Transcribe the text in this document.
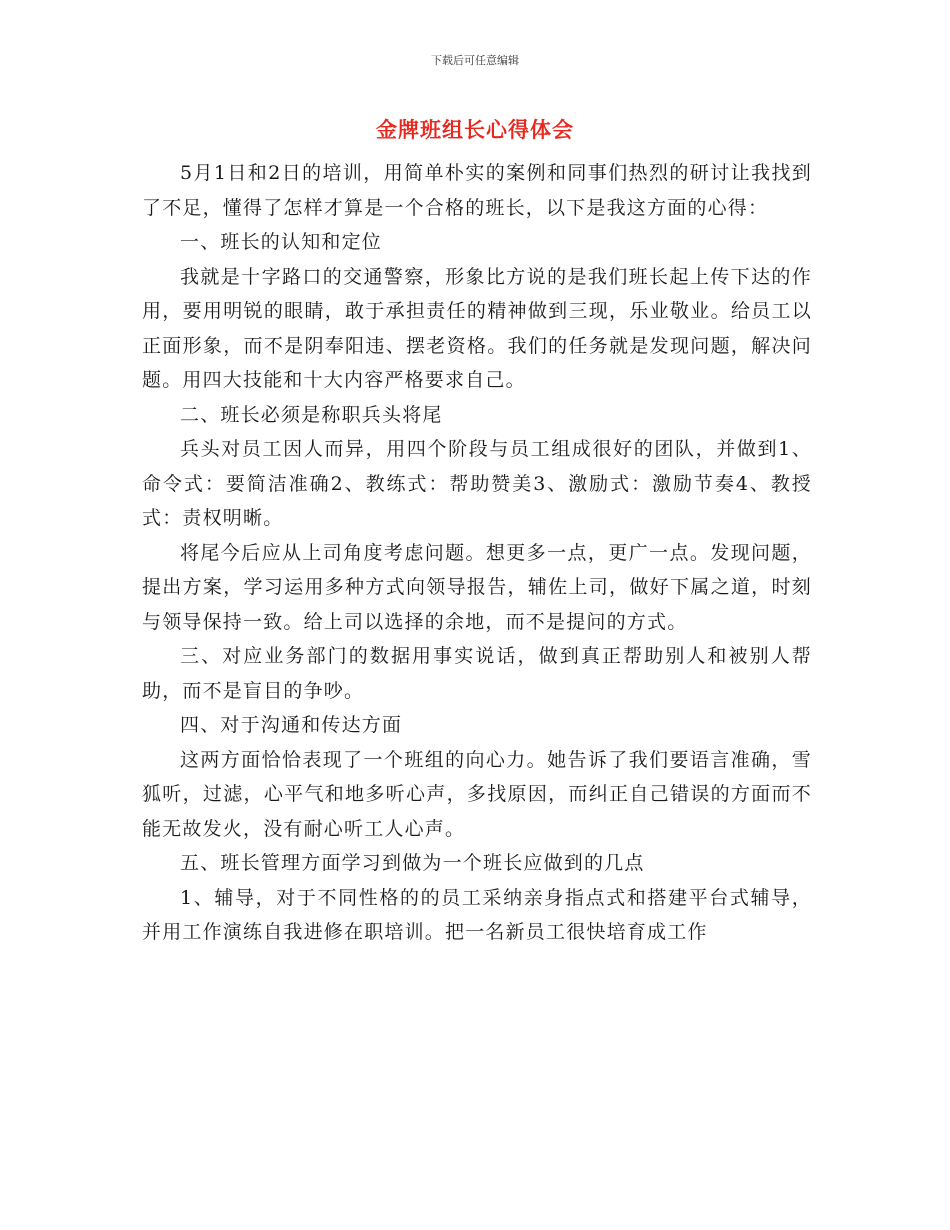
下载后可任意编辑
金牌班组长心得体会

5月1日和2日的培训，用简单朴实的案例和同事们热烈的研讨让我找到了不足，懂得了怎样才算是一个合格的班长，以下是我这方面的心得：

一、班长的认知和定位

我就是十字路口的交通警察，形象比方说的是我们班长起上传下达的作用，要用明锐的眼睛，敢于承担责任的精神做到三现，乐业敬业。给员工以正面形象，而不是阴奉阳违、摆老资格。我们的任务就是发现问题，解决问题。用四大技能和十大内容严格要求自己。

二、班长必须是称职兵头将尾

兵头对员工因人而异，用四个阶段与员工组成很好的团队，并做到1、命令式：要简洁准确2、教练式：帮助赞美3、激励式：激励节奏4、教授式：责权明晰。

将尾今后应从上司角度考虑问题。想更多一点，更广一点。发现问题，提出方案，学习运用多种方式向领导报告，辅佐上司，做好下属之道，时刻与领导保持一致。给上司以选择的余地，而不是提问的方式。

三、对应业务部门的数据用事实说话，做到真正帮助别人和被别人帮助，而不是盲目的争吵。

四、对于沟通和传达方面

这两方面恰恰表现了一个班组的向心力。她告诉了我们要语言准确，雪狐听，过滤，心平气和地多听心声，多找原因，而纠正自己错误的方面而不能无故发火，没有耐心听工人心声。

五、班长管理方面学习到做为一个班长应做到的几点

1、辅导，对于不同性格的的员工采纳亲身指点式和搭建平台式辅导，并用工作演练自我进修在职培训。把一名新员工很快培育成工作
